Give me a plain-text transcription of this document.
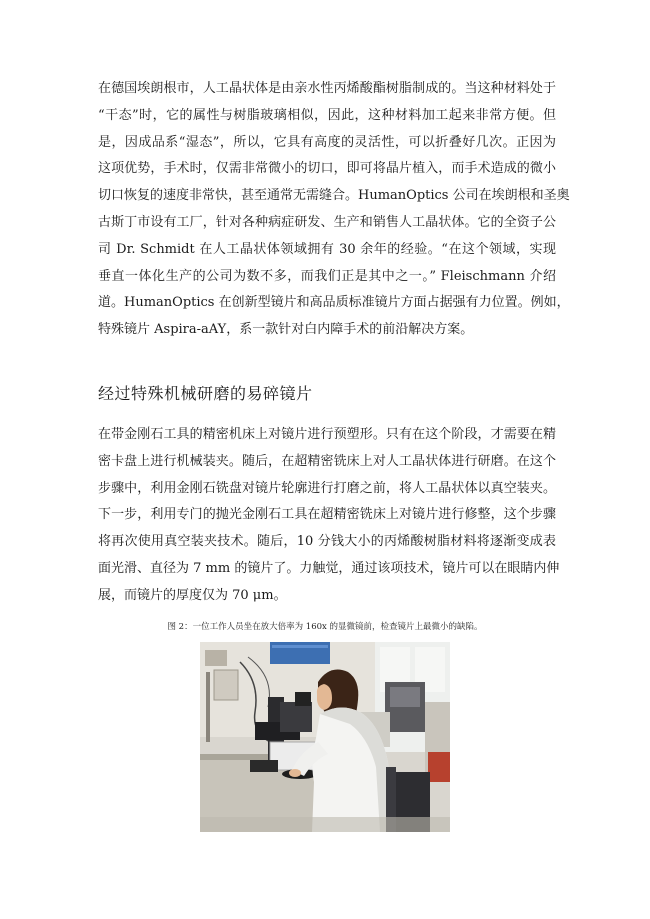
在德国埃朗根市，人工晶状体是由亲水性丙烯酸酯树脂制成的。当这种材料处于
“干态”时，它的属性与树脂玻璃相似，因此，这种材料加工起来非常方便。但
是，因成品系“湿态”，所以，它具有高度的灵活性，可以折叠好几次。正因为
这项优势，手术时，仅需非常微小的切口，即可将晶片植入，而手术造成的微小
切口恢复的速度非常快，甚至通常无需缝合。HumanOptics 公司在埃朗根和圣奥
古斯丁市设有工厂，针对各种病症研发、生产和销售人工晶状体。它的全资子公
司 Dr. Schmidt 在人工晶状体领域拥有 30 余年的经验。“在这个领域，实现
垂直一体化生产的公司为数不多，而我们正是其中之一。” Fleischmann 介绍
道。HumanOptics 在创新型镜片和高品质标准镜片方面占据强有力位置。例如，
特殊镜片 Aspira-aAY，系一款针对白内障手术的前沿解决方案。

经过特殊机械研磨的易碎镜片

在带金刚石工具的精密机床上对镜片进行预塑形。只有在这个阶段，才需要在精
密卡盘上进行机械装夹。随后，在超精密铣床上对人工晶状体进行研磨。在这个
步骤中，利用金刚石铣盘对镜片轮廓进行打磨之前，将人工晶状体以真空装夹。
下一步，利用专门的抛光金刚石工具在超精密铣床上对镜片进行修整，这个步骤
将再次使用真空装夹技术。随后，10 分钱大小的丙烯酸树脂材料将逐渐变成表
面光滑、直径为 7 mm 的镜片了。力触觉，通过该项技术，镜片可以在眼睛内伸
展，而镜片的厚度仅为 70 μm。

图 2：一位工作人员坐在放大倍率为 160x 的显微镜前，检查镜片上最微小的缺陷。
